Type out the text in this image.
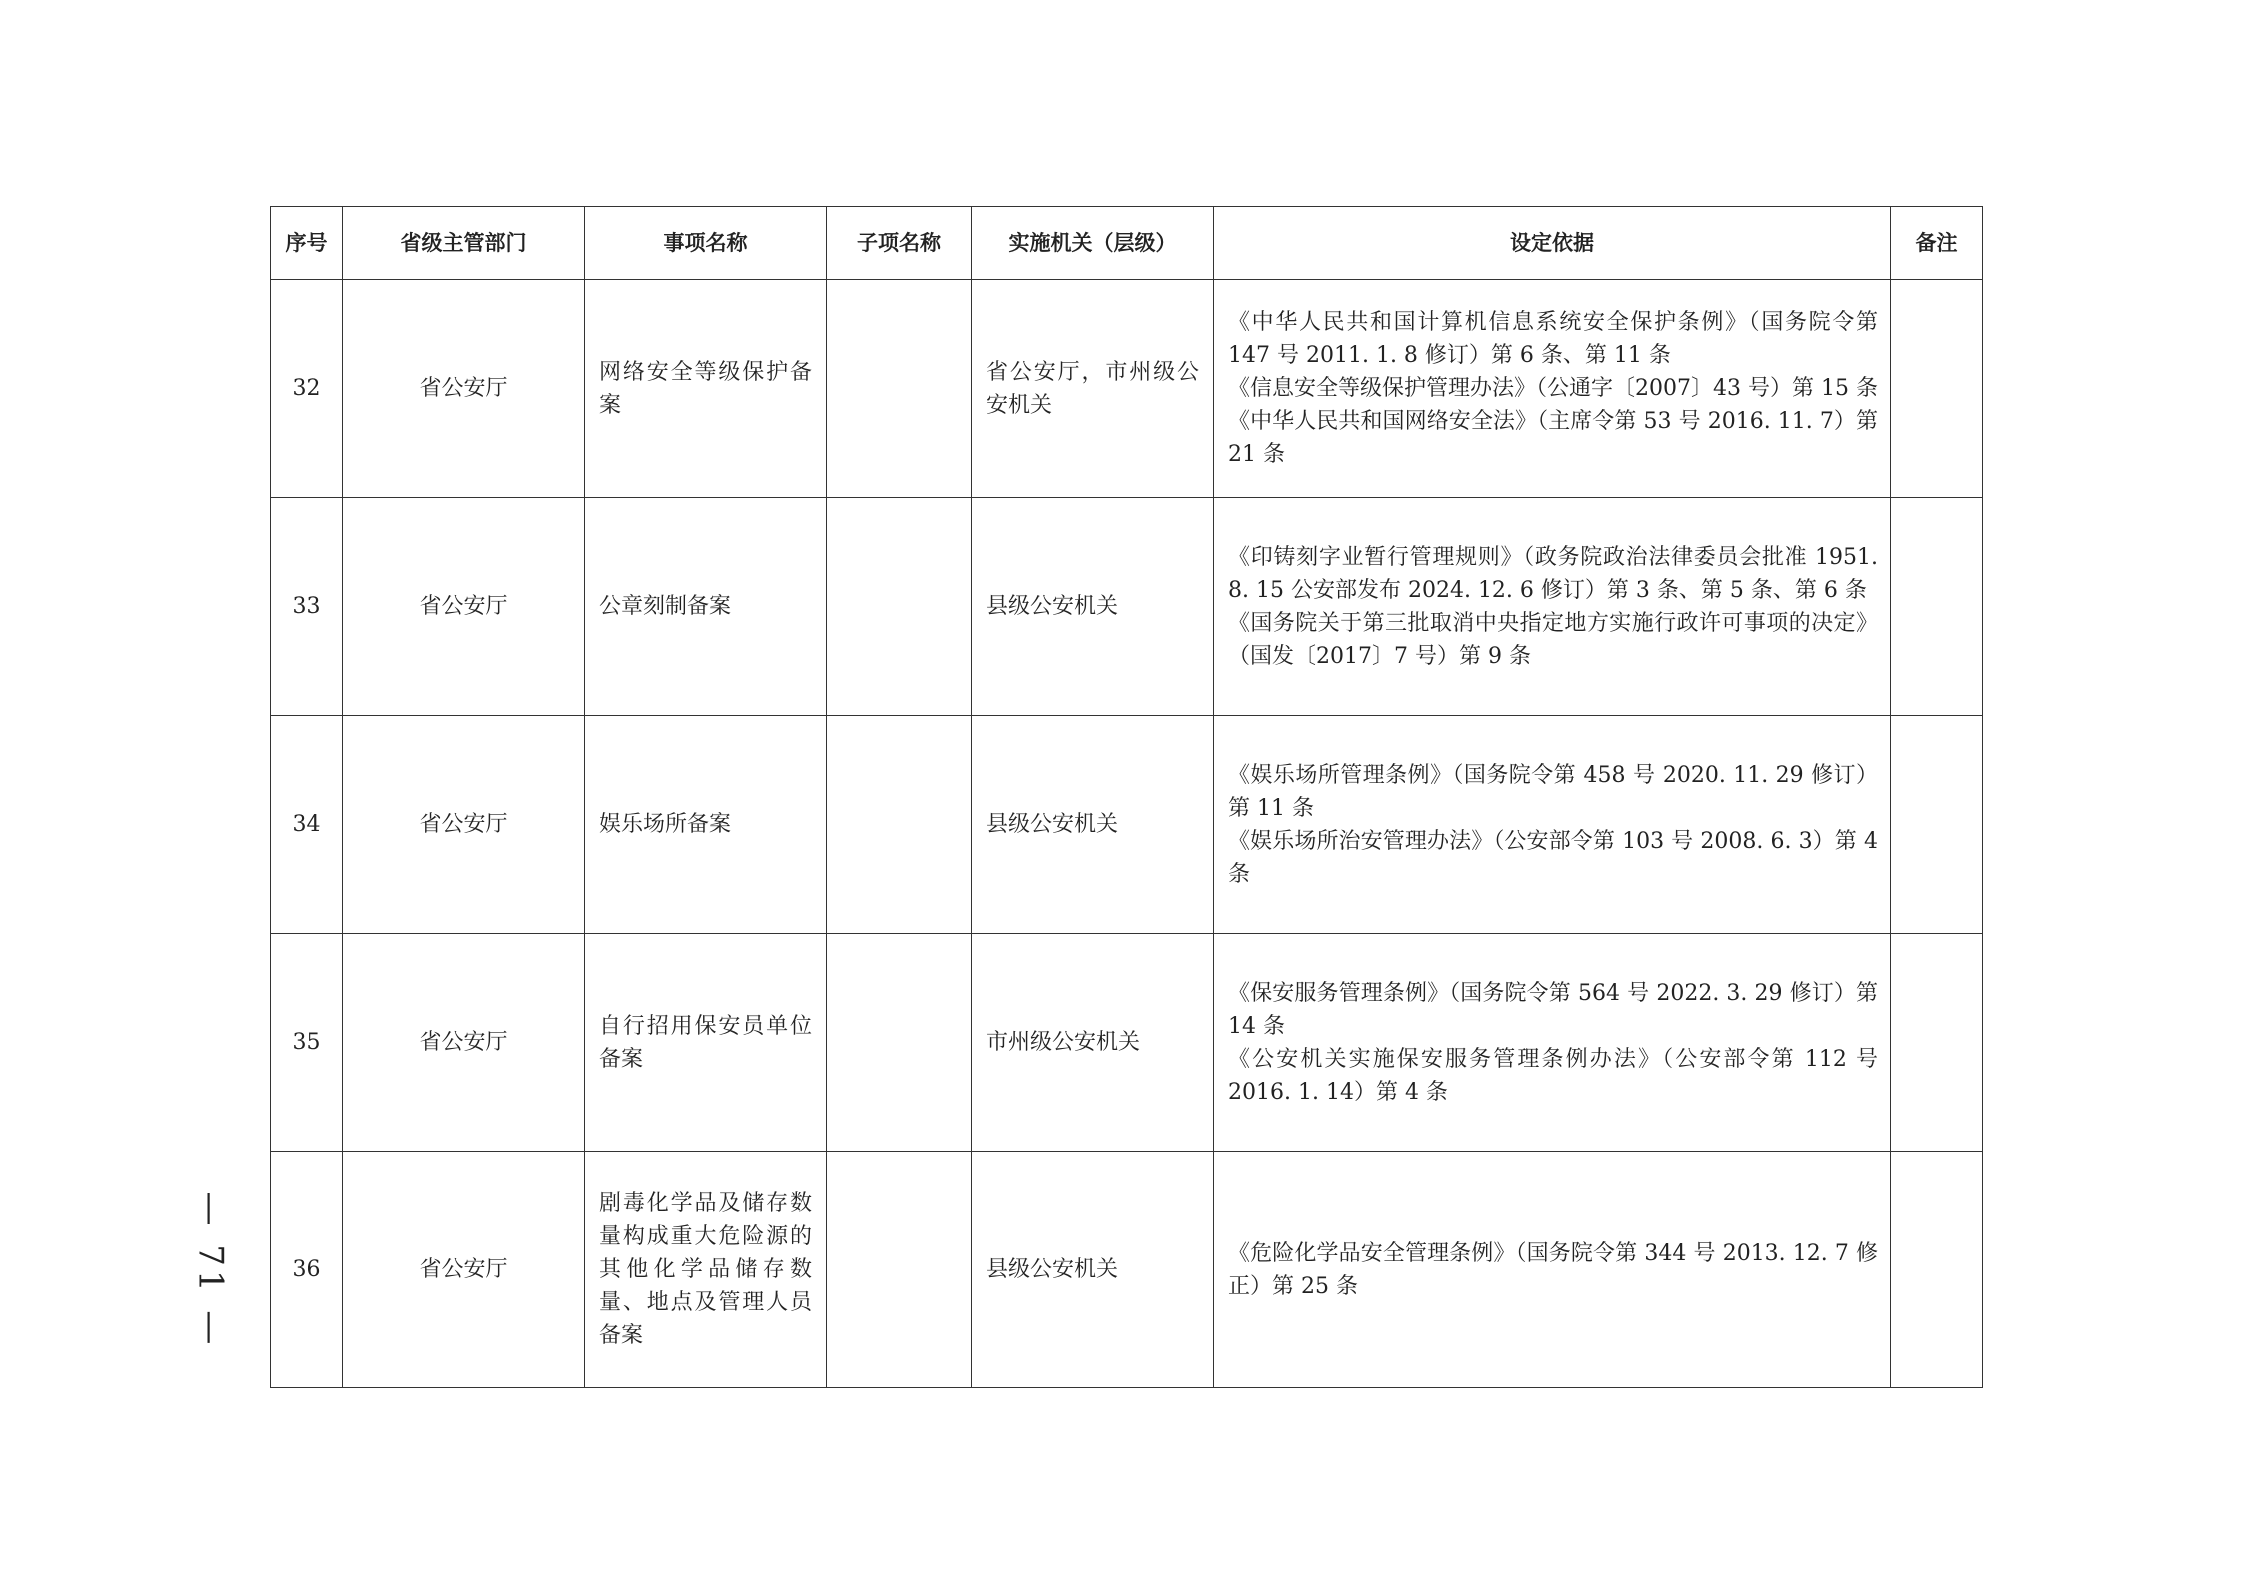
— 71 —
序号	省级主管部门	事项名称	子项名称	实施机关（层级）	设定依据	备注
32	省公安厅	网络安全等级保护备案		省公安厅，市州级公安机关	《中华人民共和国计算机信息系统安全保护条例》（国务院令第 147 号 2011. 1. 8 修订）第 6 条、第 11 条
《信息安全等级保护管理办法》（公通字〔2007〕43 号）第 15 条
《中华人民共和国网络安全法》（主席令第 53 号 2016. 11. 7）第 21 条	

33	省公安厅	公章刻制备案		县级公安机关	《印铸刻字业暂行管理规则》（政务院政治法律委员会批准 1951. 8. 15 公安部发布 2024. 12. 6 修订）第 3 条、第 5 条、第 6 条
《国务院关于第三批取消中央指定地方实施行政许可事项的决定》（国发〔2017〕7 号）第 9 条	

34	省公安厅	娱乐场所备案		县级公安机关	《娱乐场所管理条例》（国务院令第 458 号 2020. 11. 29 修订）第 11 条
《娱乐场所治安管理办法》（公安部令第 103 号 2008. 6. 3）第 4 条	

35	省公安厅	自行招用保安员单位备案		市州级公安机关	《保安服务管理条例》（国务院令第 564 号 2022. 3. 29 修订）第 14 条
《公安机关实施保安服务管理条例办法》（公安部令第 112 号 2016. 1. 14）第 4 条	

36	省公安厅	剧毒化学品及储存数量构成重大危险源的其他化学品储存数量、地点及管理人员备案		县级公安机关	《危险化学品安全管理条例》（国务院令第 344 号 2013. 12. 7 修正）第 25 条	
